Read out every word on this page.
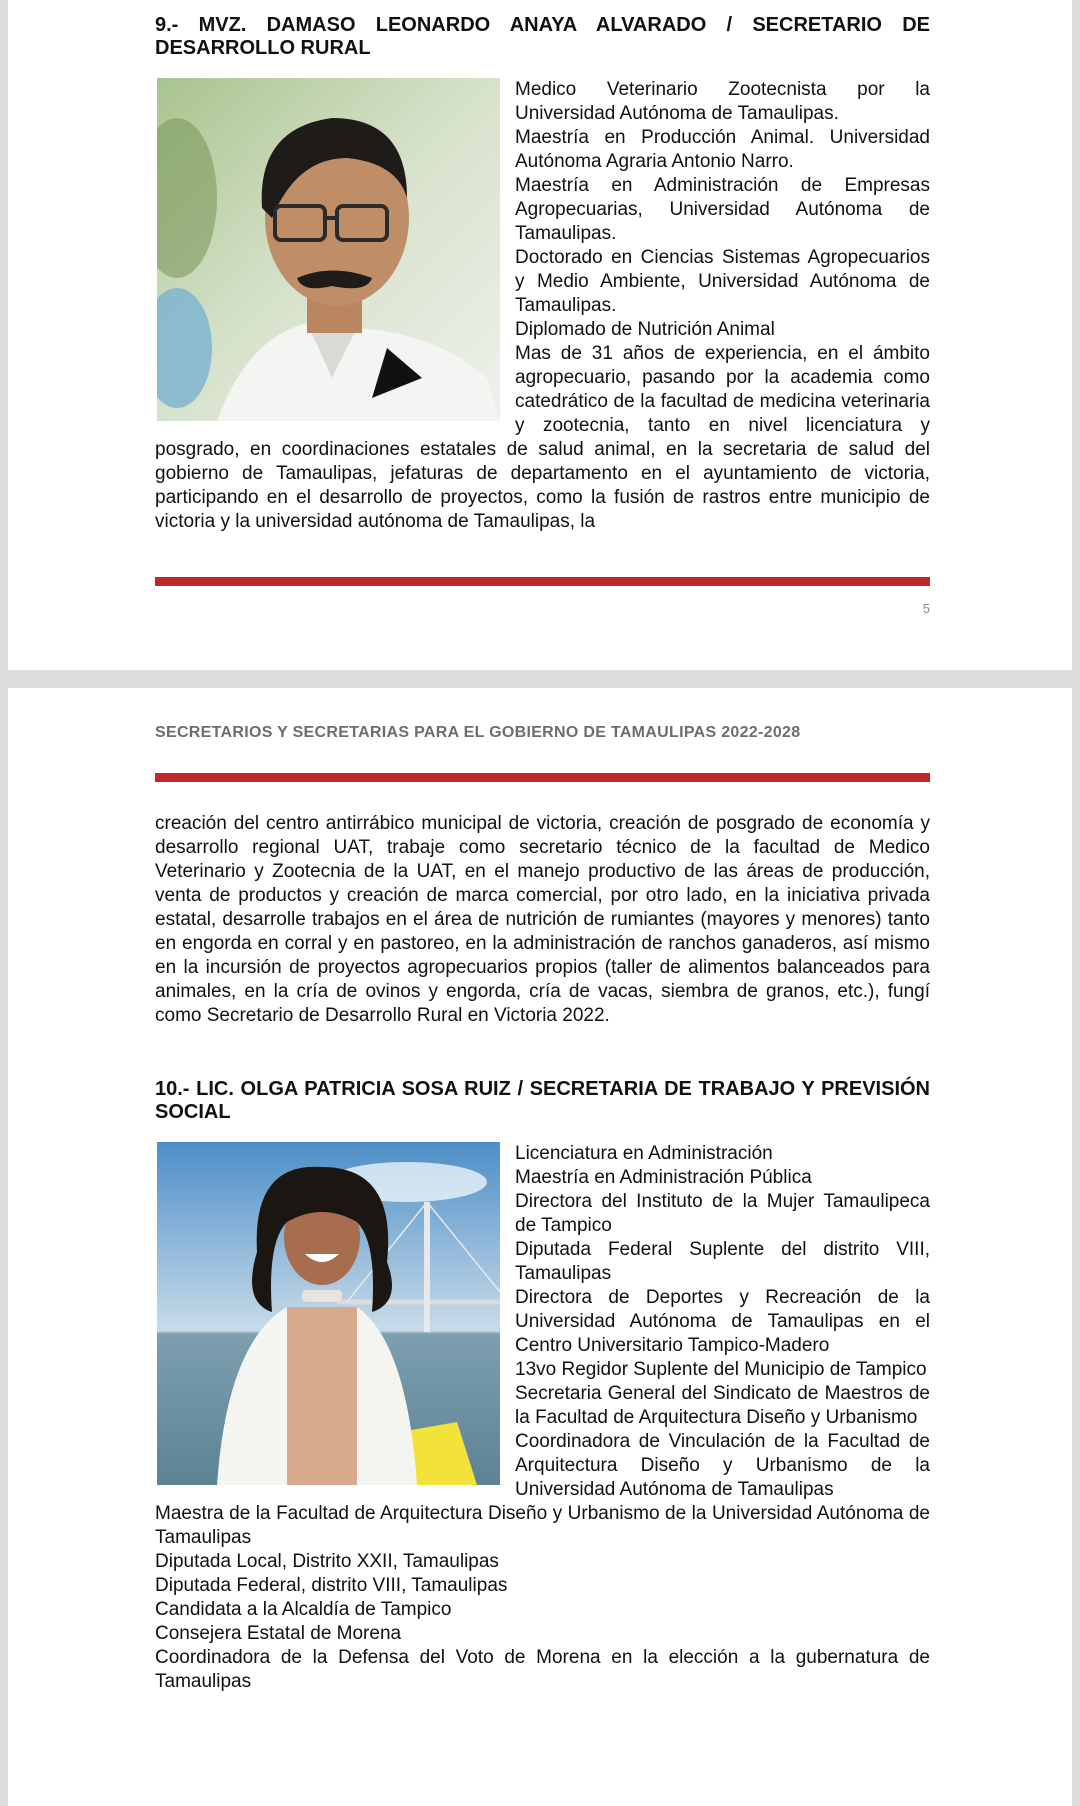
9.- MVZ. DAMASO LEONARDO ANAYA ALVARADO / SECRETARIO DE DESARROLLO RURAL

Medico Veterinario Zootecnista por la Universidad Autónoma de Tamaulipas.

Maestría en Producción Animal. Universidad Autónoma Agraria Antonio Narro.

Maestría en Administración de Empresas Agropecuarias, Universidad Autónoma de Tamaulipas.

Doctorado en Ciencias Sistemas Agropecuarios y Medio Ambiente, Universidad Autónoma de Tamaulipas.

Diplomado de Nutrición Animal

Mas de 31 años de experiencia, en el ámbito agropecuario, pasando por la academia como catedrático de la facultad de medicina veterinaria y zootecnia, tanto en nivel licenciatura y posgrado, en coordinaciones estatales de salud animal, en la secretaria de salud del gobierno de Tamaulipas, jefaturas de departamento en el ayuntamiento de victoria, participando en el desarrollo de proyectos, como la fusión de rastros entre municipio de victoria y la universidad autónoma de Tamaulipas, la

5
SECRETARIOS Y SECRETARIAS PARA EL GOBIERNO DE TAMAULIPAS 2022-2028

creación del centro antirrábico municipal de victoria, creación de posgrado de economía y desarrollo regional UAT, trabaje como secretario técnico de la facultad de Medico Veterinario y Zootecnia de la UAT, en el manejo productivo de las áreas de producción, venta de productos y creación de marca comercial, por otro lado, en la iniciativa privada estatal, desarrolle trabajos en el área de nutrición de rumiantes (mayores y menores) tanto en engorda en corral y en pastoreo, en la administración de ranchos ganaderos, así mismo en la incursión de proyectos agropecuarios propios (taller de alimentos balanceados para animales, en la cría de ovinos y engorda, cría de vacas, siembra de granos, etc.), fungí como Secretario de Desarrollo Rural en Victoria 2022.

10.- LIC. OLGA PATRICIA SOSA RUIZ / SECRETARIA DE TRABAJO Y PREVISIÓN SOCIAL

Licenciatura en Administración

Maestría en Administración Pública

Directora del Instituto de la Mujer Tamaulipeca de Tampico

Diputada Federal Suplente del distrito VIII, Tamaulipas

Directora de Deportes y Recreación de la Universidad Autónoma de Tamaulipas en el Centro Universitario Tampico-Madero

13vo Regidor Suplente del Municipio de Tampico

Secretaria General del Sindicato de Maestros de la Facultad de Arquitectura Diseño y Urbanismo

Coordinadora de Vinculación de la Facultad de Arquitectura Diseño y Urbanismo de la Universidad Autónoma de Tamaulipas

Maestra de la Facultad de Arquitectura Diseño y Urbanismo de la Universidad Autónoma de Tamaulipas

Diputada Local, Distrito XXII, Tamaulipas

Diputada Federal, distrito VIII, Tamaulipas

Candidata a la Alcaldía de Tampico

Consejera Estatal de Morena

Coordinadora de la Defensa del Voto de Morena en la elección a la gubernatura de Tamaulipas
